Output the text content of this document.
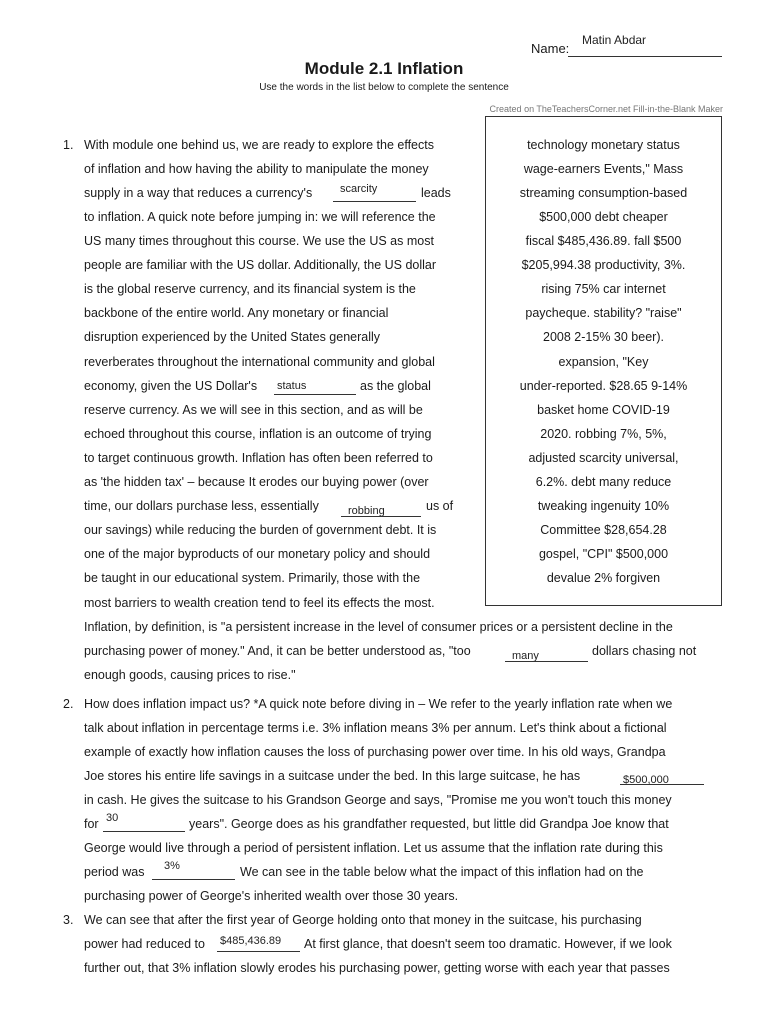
Matin Abdar
Name:
Module 2.1 Inflation
Use the words in the list below to complete the sentence
Created on TheTeachersCorner.net Fill-in-the-Blank Maker
technology monetary status
wage-earners Events," Mass
streaming consumption-based
$500,000 debt cheaper
fiscal $485,436.89. fall $500
$205,994.38 productivity, 3%.
rising 75% car internet
paycheque. stability? "raise"
2008 2-15% 30 beer).
expansion, "Key
under-reported. $28.65 9-14%
basket home COVID-19
2020. robbing 7%, 5%,
adjusted scarcity universal,
6.2%. debt many reduce
tweaking ingenuity 10%
Committee $28,654.28
gospel, "CPI" $500,000
devalue 2% forgiven
1.
2.
3.
With module one behind us, we are ready to explore the effects
of inflation and how having the ability to manipulate the money
supply in a way that reduces a currency's	scarcity	leads
to inflation. A quick note before jumping in: we will reference the
US many times throughout this course. We use the US as most
people are familiar with the US dollar. Additionally, the US dollar
is the global reserve currency, and its financial system is the
backbone of the entire world. Any monetary or financial
disruption experienced by the United States generally
reverberates throughout the international community and global
economy, given the US Dollar's status	as the global
reserve currency. As we will see in this section, and as will be
echoed throughout this course, inflation is an outcome of trying
to target continuous growth. Inflation has often been referred to
as 'the hidden tax' – because It erodes our buying power (over
time, our dollars purchase less, essentially	robbing	us of
our savings) while reducing the burden of government debt. It is
one of the major byproducts of our monetary policy and should
be taught in our educational system. Primarily, those with the
most barriers to wealth creation tend to feel its effects the most.
Inflation, by definition, is "a persistent increase in the level of consumer prices or a persistent decline in the
purchasing power of money." And, it can be better understood as, "too	many	dollars chasing not
enough goods, causing prices to rise."
How does inflation impact us? *A quick note before diving in – We refer to the yearly inflation rate when we
talk about inflation in percentage terms i.e. 3% inflation means 3% per annum. Let's think about a fictional
example of exactly how inflation causes the loss of purchasing power over time. In his old ways, Grandpa
Joe stores his entire life savings in a suitcase under the bed. In this large suitcase, he has	$500,000
in cash. He gives the suitcase to his Grandson George and says, "Promise me you won't touch this money
for 30	years". George does as his grandfather requested, but little did Grandpa Joe know that
George would live through a period of persistent inflation. Let us assume that the inflation rate during this
period was 3%	We can see in the table below what the impact of this inflation had on the
purchasing power of George's inherited wealth over those 30 years.
We can see that after the first year of George holding onto that money in the suitcase, his purchasing
power had reduced to $485,436.89 At first glance, that doesn't seem too dramatic. However, if we look
further out, that 3% inflation slowly erodes his purchasing power, getting worse with each year that passes
